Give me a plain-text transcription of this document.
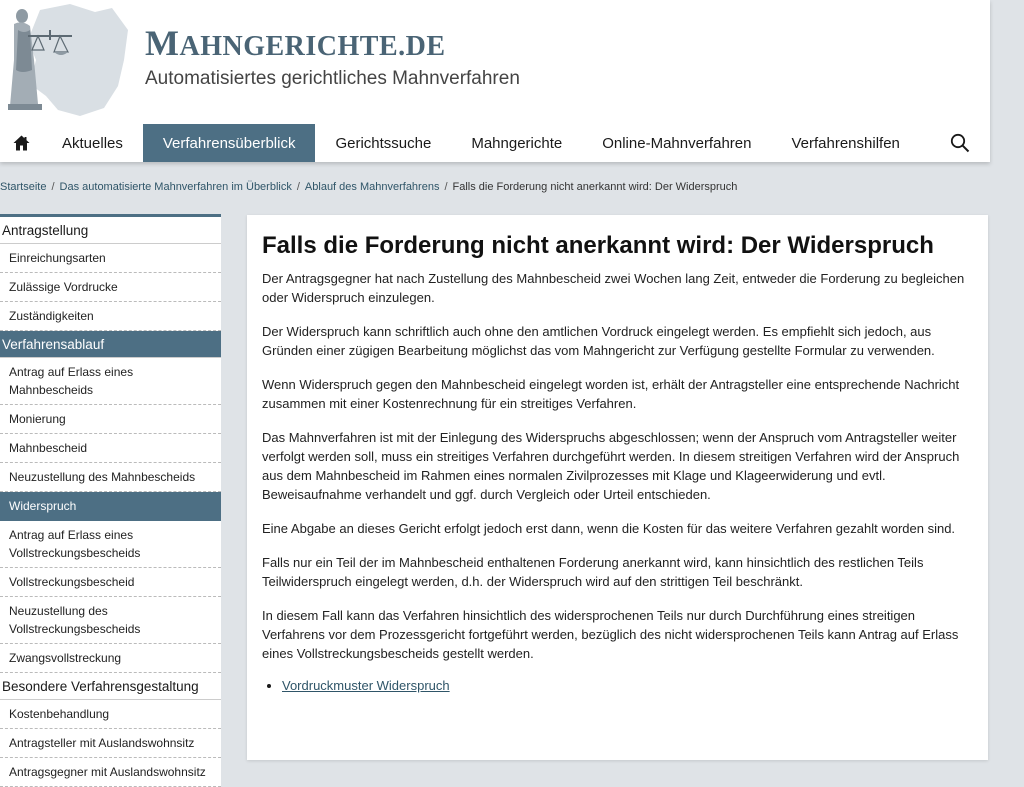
MAHNGERICHTE.DE
Automatisiertes gerichtliches Mahnverfahren
Aktuelles	Verfahrensüberblick	Gerichtssuche	Mahngerichte	Online-Mahnverfahren	Verfahrenshilfen
Startseite / Das automatisierte Mahnverfahren im Überblick / Ablauf des Mahnverfahrens / Falls die Forderung nicht anerkannt wird: Der Widerspruch
Antragstellung
Einreichungsarten
Zulässige Vordrucke
Zuständigkeiten
Verfahrensablauf
Antrag auf Erlass eines Mahnbescheids
Monierung
Mahnbescheid
Neuzustellung des Mahnbescheids
Widerspruch
Antrag auf Erlass eines Vollstreckungsbescheids
Vollstreckungsbescheid
Neuzustellung des Vollstreckungsbescheids
Zwangsvollstreckung
Besondere Verfahrensgestaltung
Kostenbehandlung
Antragsteller mit Auslandswohnsitz
Antragsgegner mit Auslandswohnsitz
Falls die Forderung nicht anerkannt wird: Der Widerspruch

Der Antragsgegner hat nach Zustellung des Mahnbescheid zwei Wochen lang Zeit, entweder die Forderung zu begleichen oder Widerspruch einzulegen.

Der Widerspruch kann schriftlich auch ohne den amtlichen Vordruck eingelegt werden. Es empfiehlt sich jedoch, aus Gründen einer zügigen Bearbeitung möglichst das vom Mahngericht zur Verfügung gestellte Formular zu verwenden.

Wenn Widerspruch gegen den Mahnbescheid eingelegt worden ist, erhält der Antragsteller eine entsprechende Nachricht zusammen mit einer Kostenrechnung für ein streitiges Verfahren.

Das Mahnverfahren ist mit der Einlegung des Widerspruchs abgeschlossen; wenn der Anspruch vom Antragsteller weiter verfolgt werden soll, muss ein streitiges Verfahren durchgeführt werden. In diesem streitigen Verfahren wird der Anspruch aus dem Mahnbescheid im Rahmen eines normalen Zivilprozesses mit Klage und Klageerwiderung und evtl. Beweisaufnahme verhandelt und ggf. durch Vergleich oder Urteil entschieden.

Eine Abgabe an dieses Gericht erfolgt jedoch erst dann, wenn die Kosten für das weitere Verfahren gezahlt worden sind.

Falls nur ein Teil der im Mahnbescheid enthaltenen Forderung anerkannt wird, kann hinsichtlich des restlichen Teils Teilwiderspruch eingelegt werden, d.h. der Widerspruch wird auf den strittigen Teil beschränkt.

In diesem Fall kann das Verfahren hinsichtlich des widersprochenen Teils nur durch Durchführung eines streitigen Verfahrens vor dem Prozessgericht fortgeführt werden, bezüglich des nicht widersprochenen Teils kann Antrag auf Erlass eines Vollstreckungsbescheids gestellt werden.

• Vordruckmuster Widerspruch
